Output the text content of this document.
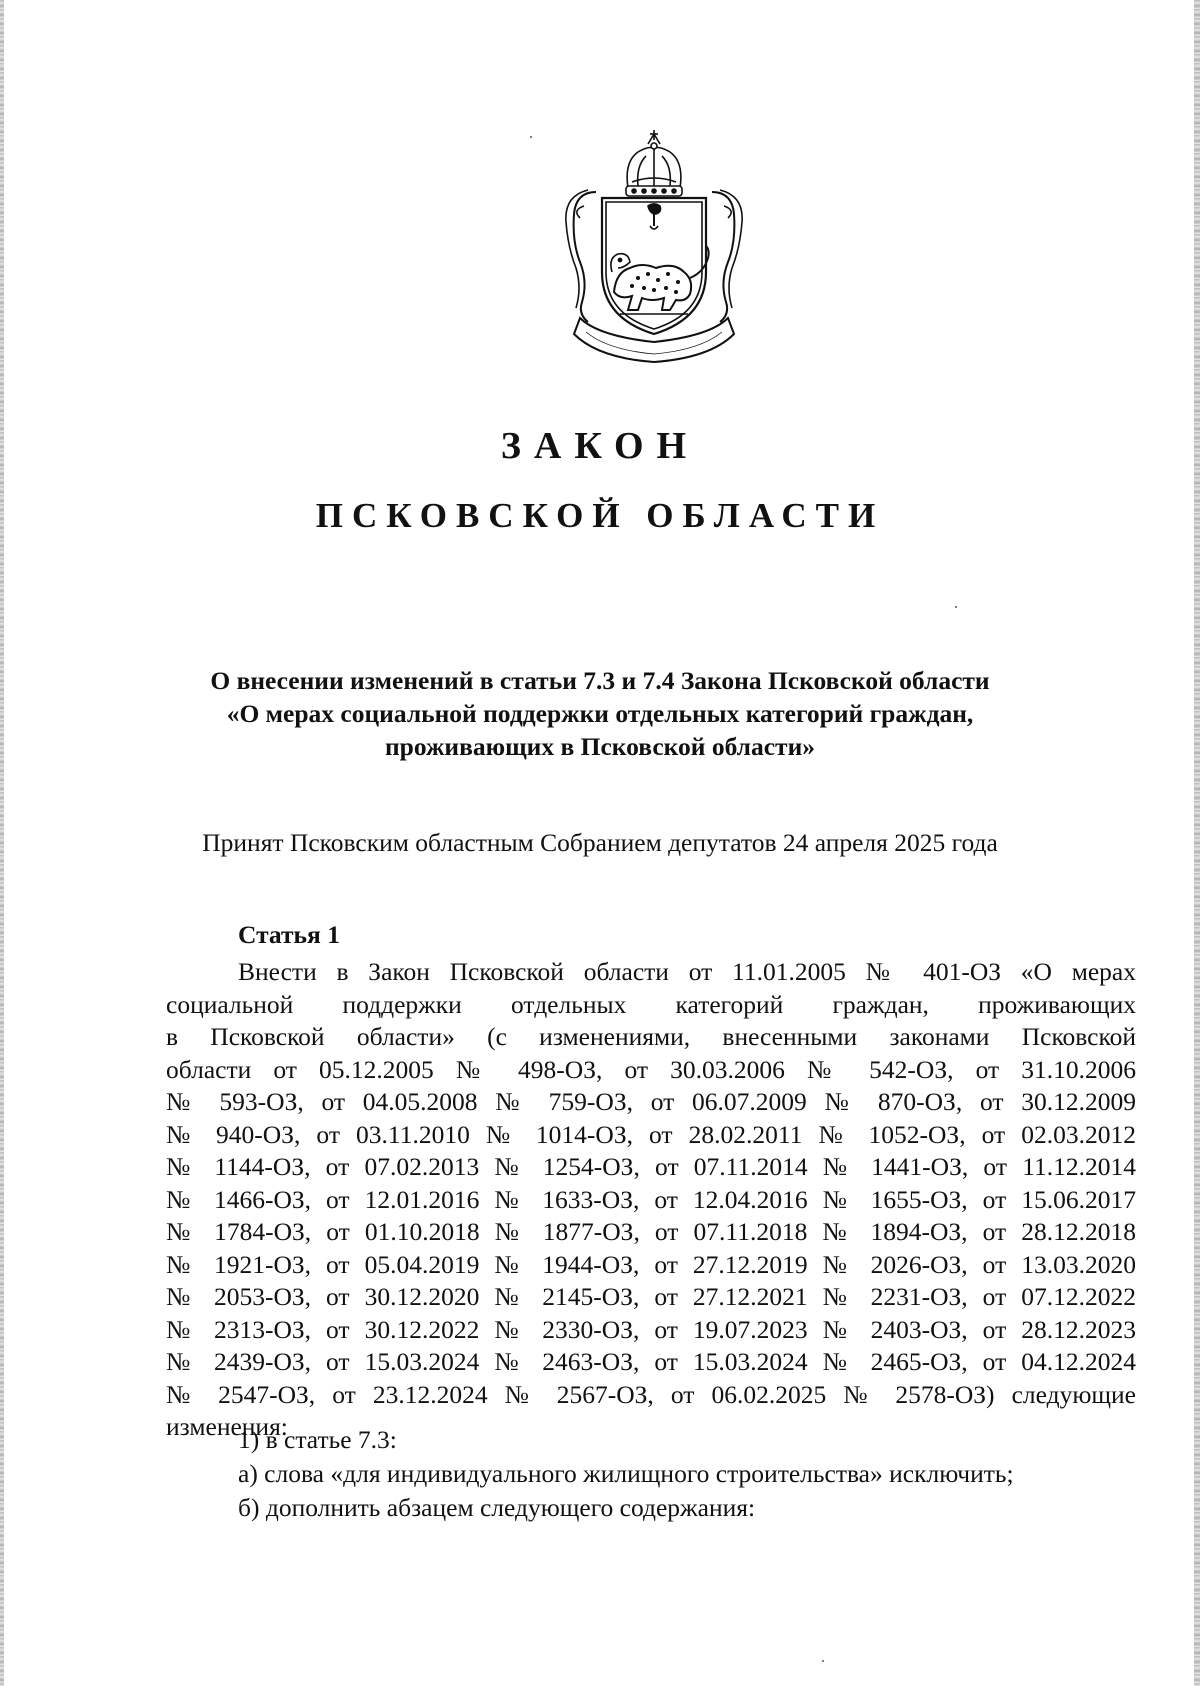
ЗАКОН
ПСКОВСКОЙ ОБЛАСТИ
О внесении изменений в статьи 7.3 и 7.4 Закона Псковской области
«О мерах социальной поддержки отдельных категорий граждан,
проживающих в Псковской области»
Принят Псковским областным Собранием депутатов 24 апреля 2025 года
Статья 1
Внести в Закон Псковской области от 11.01.2005 № 401-ОЗ «О мерах
социальной поддержки отдельных категорий граждан, проживающих
в Псковской области» (с изменениями, внесенными законами Псковской
области от 05.12.2005 № 498-ОЗ, от 30.03.2006 № 542-ОЗ, от 31.10.2006
№ 593-ОЗ, от 04.05.2008 № 759-ОЗ, от 06.07.2009 № 870-ОЗ, от 30.12.2009
№ 940-ОЗ, от 03.11.2010 № 1014-ОЗ, от 28.02.2011 № 1052-ОЗ, от 02.03.2012
№ 1144-ОЗ, от 07.02.2013 № 1254-ОЗ, от 07.11.2014 № 1441-ОЗ, от 11.12.2014
№ 1466-ОЗ, от 12.01.2016 № 1633-ОЗ, от 12.04.2016 № 1655-ОЗ, от 15.06.2017
№ 1784-ОЗ, от 01.10.2018 № 1877-ОЗ, от 07.11.2018 № 1894-ОЗ, от 28.12.2018
№ 1921-ОЗ, от 05.04.2019 № 1944-ОЗ, от 27.12.2019 № 2026-ОЗ, от 13.03.2020
№ 2053-ОЗ, от 30.12.2020 № 2145-ОЗ, от 27.12.2021 № 2231-ОЗ, от 07.12.2022
№ 2313-ОЗ, от 30.12.2022 № 2330-ОЗ, от 19.07.2023 № 2403-ОЗ, от 28.12.2023
№ 2439-ОЗ, от 15.03.2024 № 2463-ОЗ, от 15.03.2024 № 2465-ОЗ, от 04.12.2024
№ 2547-ОЗ, от 23.12.2024 № 2567-ОЗ, от 06.02.2025 № 2578-ОЗ) следующие
изменения:
1) в статье 7.3:
а) слова «для индивидуального жилищного строительства» исключить;
б) дополнить абзацем следующего содержания:
